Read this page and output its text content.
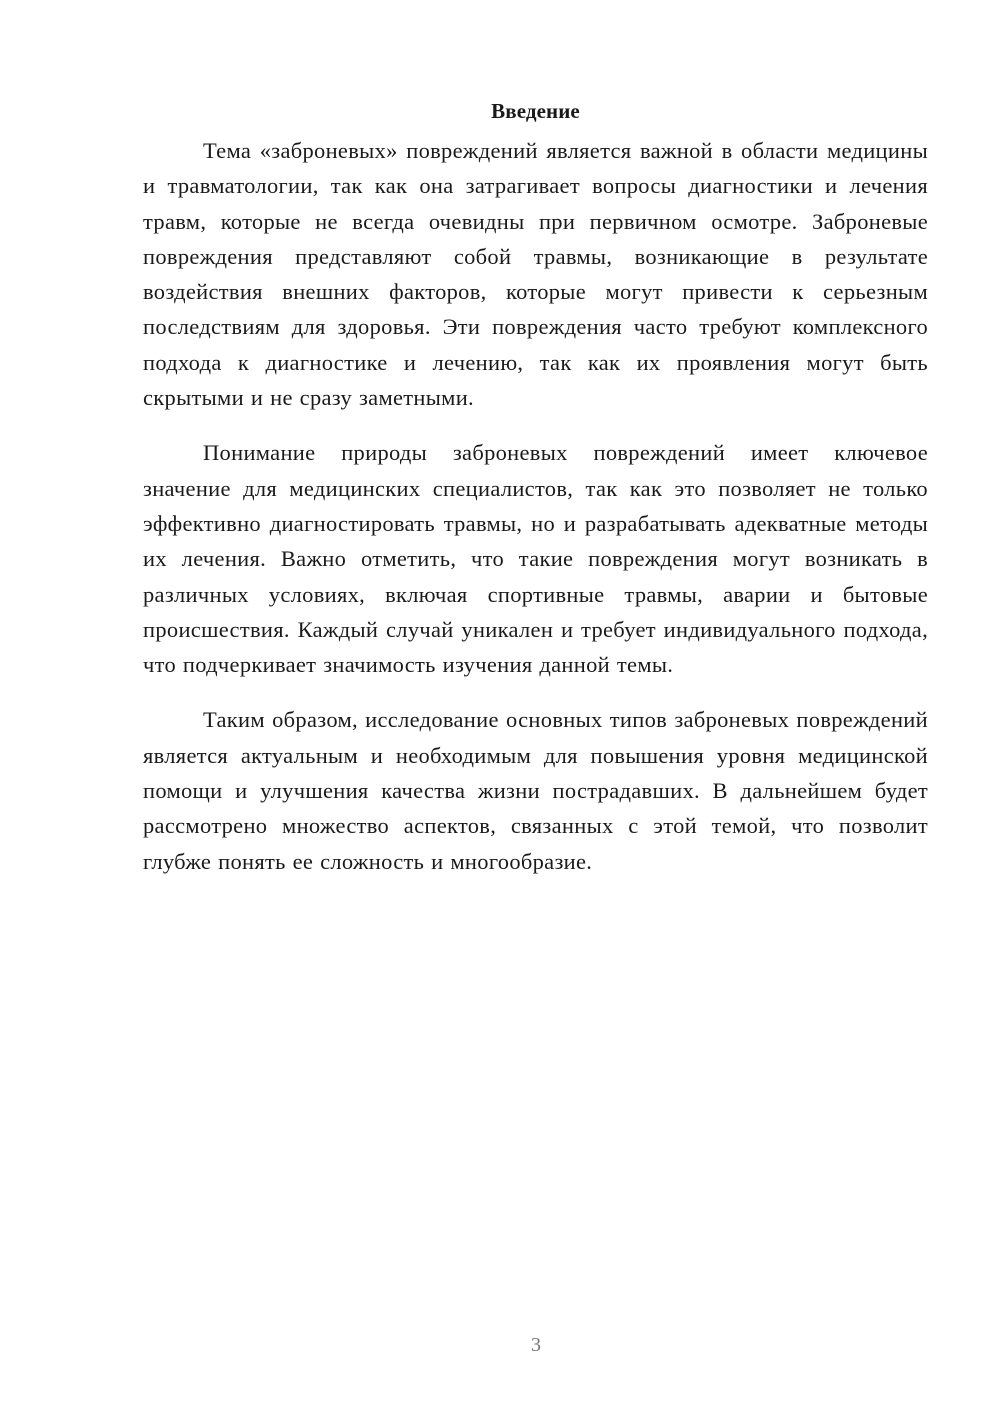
Введение

Тема «заброневых» повреждений является важной в области медицины и травматологии, так как она затрагивает вопросы диагностики и лечения травм, которые не всегда очевидны при первичном осмотре. Заброневые повреждения представляют собой травмы, возникающие в результате воздействия внешних факторов, которые могут привести к серьезным последствиям для здоровья. Эти повреждения часто требуют комплексного подхода к диагностике и лечению, так как их проявления могут быть скрытыми и не сразу заметными.

Понимание природы заброневых повреждений имеет ключевое значение для медицинских специалистов, так как это позволяет не только эффективно диагностировать травмы, но и разрабатывать адекватные методы их лечения. Важно отметить, что такие повреждения могут возникать в различных условиях, включая спортивные травмы, аварии и бытовые происшествия. Каждый случай уникален и требует индивидуального подхода, что подчеркивает значимость изучения данной темы.

Таким образом, исследование основных типов заброневых повреждений является актуальным и необходимым для повышения уровня медицинской помощи и улучшения качества жизни пострадавших. В дальнейшем будет рассмотрено множество аспектов, связанных с этой темой, что позволит глубже понять ее сложность и многообразие.

3
